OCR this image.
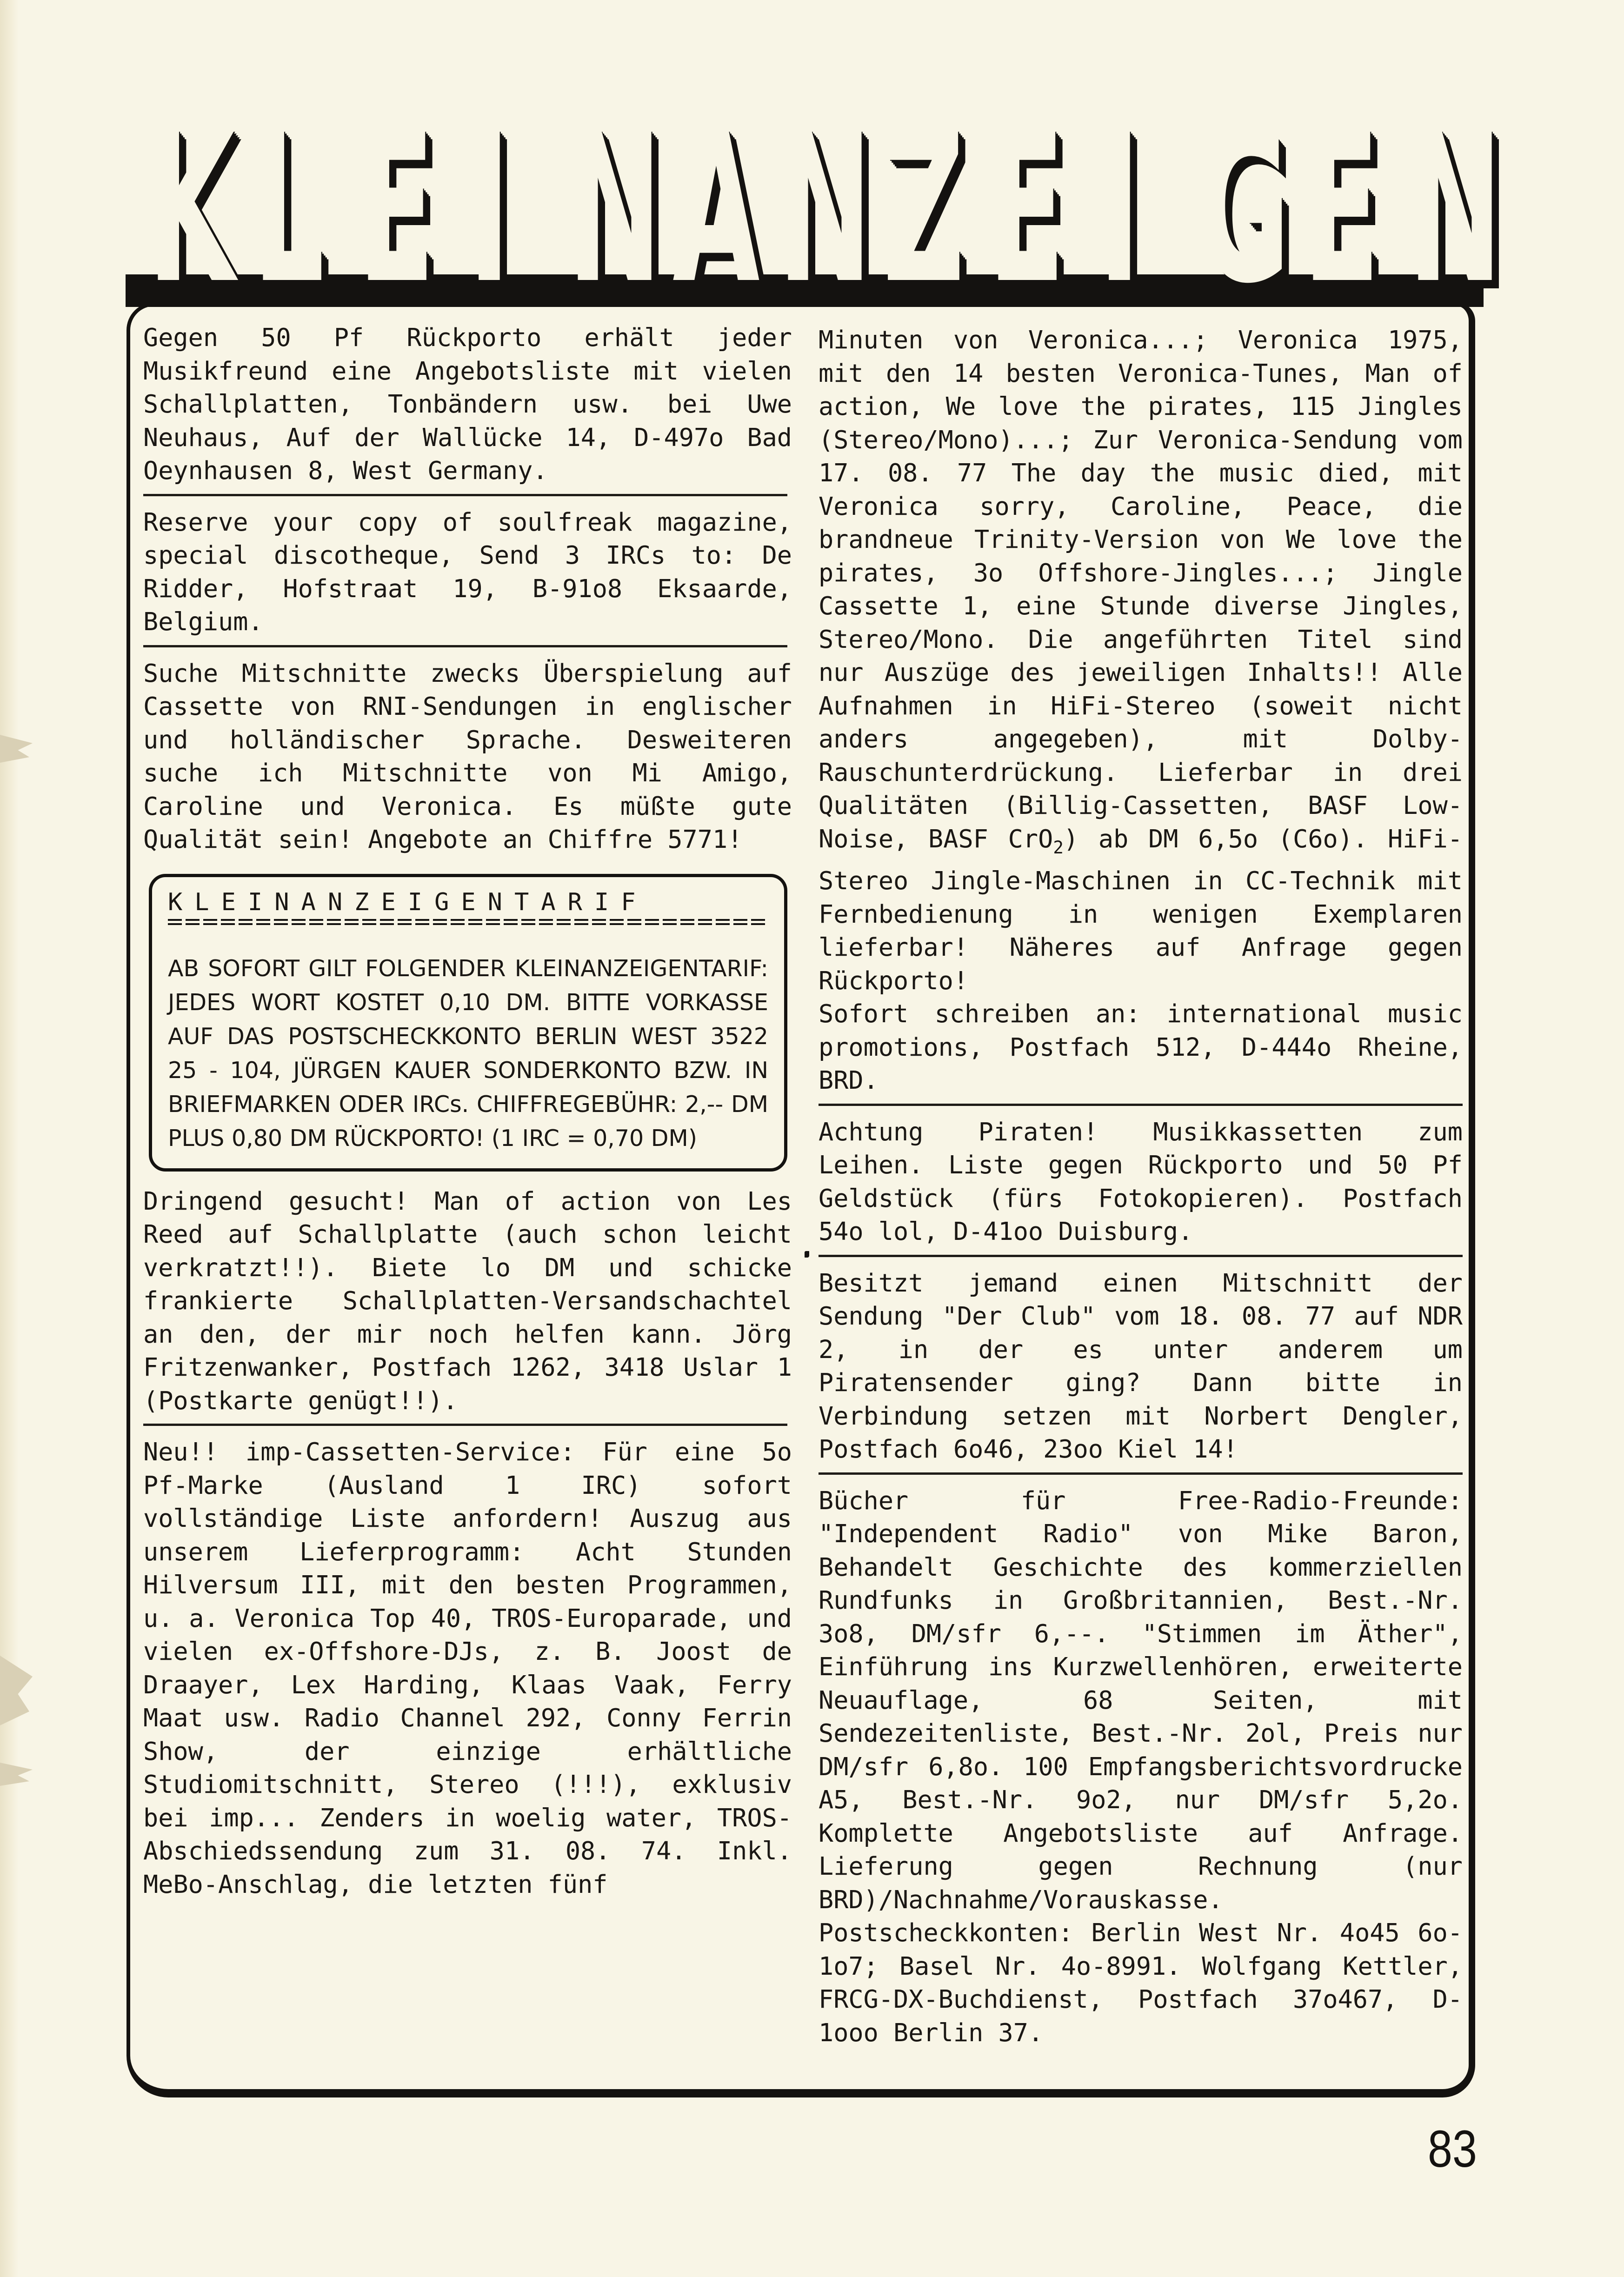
K L E I N A N Z E I G E N

Gegen 50 Pf Rückporto erhält jeder Musikfreund eine Angebotsliste mit vielen Schallplatten, Tonbändern usw. bei Uwe Neuhaus, Auf der Wallücke 14, D-497o Bad Oeynhausen 8, West Germany.

Reserve your copy of soulfreak magazine, special discotheque, Send 3 IRCs to: De Ridder, Hofstraat 19, B-91o8 Eksaarde, Belgium.

Suche Mitschnitte zwecks Überspielung auf Cassette von RNI-Sendungen in englischer und holländischer Sprache. Desweiteren suche ich Mitschnitte von Mi Amigo, Caroline und Veronica. Es müßte gute Qualität sein! Angebote an Chiffre 5771!

KLEINANZEIGENTARIF
AB SOFORT GILT FOLGENDER KLEINANZEIGENTARIF: JEDES WORT KOSTET 0,10 DM. BITTE VORKASSE AUF DAS POSTSCHECKKONTO BERLIN WEST 3522 25 - 104, JÜRGEN KAUER SONDERKONTO BZW. IN BRIEFMARKEN ODER IRCs. CHIFFREGEBÜHR: 2,-- DM PLUS 0,80 DM RÜCKPORTO! (1 IRC = 0,70 DM)

Dringend gesucht! Man of action von Les Reed auf Schallplatte (auch schon leicht verkratzt!!). Biete lo DM und schicke frankierte Schallplatten-Versandschachtel an den, der mir noch helfen kann. Jörg Fritzenwanker, Postfach 1262, 3418 Uslar 1 (Postkarte genügt!!).

Neu!! imp-Cassetten-Service: Für eine 5o Pf-Marke (Ausland 1 IRC) sofort vollständige Liste anfordern! Auszug aus unserem Lieferprogramm: Acht Stunden Hilversum III, mit den besten Programmen, u. a. Veronica Top 40, TROS-Europarade, und vielen ex-Offshore-DJs, z. B. Joost de Draayer, Lex Harding, Klaas Vaak, Ferry Maat usw. Radio Channel 292, Conny Ferrin Show, der einzige erhältliche Studiomitschnitt, Stereo (!!!), exklusiv bei imp... Zenders in woelig water, TROS-Abschiedssendung zum 31. 08. 74. Inkl. MeBo-Anschlag, die letzten fünf

Minuten von Veronica...; Veronica 1975, mit den 14 besten Veronica-Tunes, Man of action, We love the pirates, 115 Jingles (Stereo/Mono)...; Zur Veronica-Sendung vom 17. 08. 77 The day the music died, mit Veronica sorry, Caroline, Peace, die brandneue Trinity-Version von We love the pirates, 3o Offshore-Jingles...; Jingle Cassette 1, eine Stunde diverse Jingles, Stereo/Mono. Die angeführten Titel sind nur Auszüge des jeweiligen Inhalts!! Alle Aufnahmen in HiFi-Stereo (soweit nicht anders angegeben), mit Dolby-Rauschunterdrückung. Lieferbar in drei Qualitäten (Billig-Cassetten, BASF Low-Noise, BASF CrO$_2$) ab DM 6,5o (C6o). HiFi-Stereo Jingle-Maschinen in CC-Technik mit Fernbedienung in wenigen Exemplaren lieferbar! Näheres auf Anfrage gegen Rückporto!

Sofort schreiben an: international music promotions, Postfach 512, D-444o Rheine, BRD.

Achtung Piraten! Musikkassetten zum Leihen. Liste gegen Rückporto und 50 Pf Geldstück (fürs Fotokopieren). Postfach 54o lol, D-41oo Duisburg.

Besitzt jemand einen Mitschnitt der Sendung "Der Club" vom 18. 08. 77 auf NDR 2, in der es unter anderem um Piratensender ging? Dann bitte in Verbindung setzen mit Norbert Dengler, Postfach 6o46, 23oo Kiel 14!

Bücher für Free-Radio-Freunde: "Independent Radio" von Mike Baron, Behandelt Geschichte des kommerziellen Rundfunks in Großbritannien, Best.-Nr. 3o8, DM/sfr 6,--. "Stimmen im Äther", Einführung ins Kurzwellenhören, erweiterte Neuauflage, 68 Seiten, mit Sendezeitenliste, Best.-Nr. 2ol, Preis nur DM/sfr 6,8o. 100 Empfangsberichtsvordrucke A5, Best.-Nr. 9o2, nur DM/sfr 5,2o. Komplette Angebotsliste auf Anfrage. Lieferung gegen Rechnung (nur BRD)/Nachnahme/Vorauskasse. Postscheckkonten: Berlin West Nr. 4o45 6o-1o7; Basel Nr. 4o-8991. Wolfgang Kettler, FRCG-DX-Buchdienst, Postfach 37o467, D-1ooo Berlin 37.

83
